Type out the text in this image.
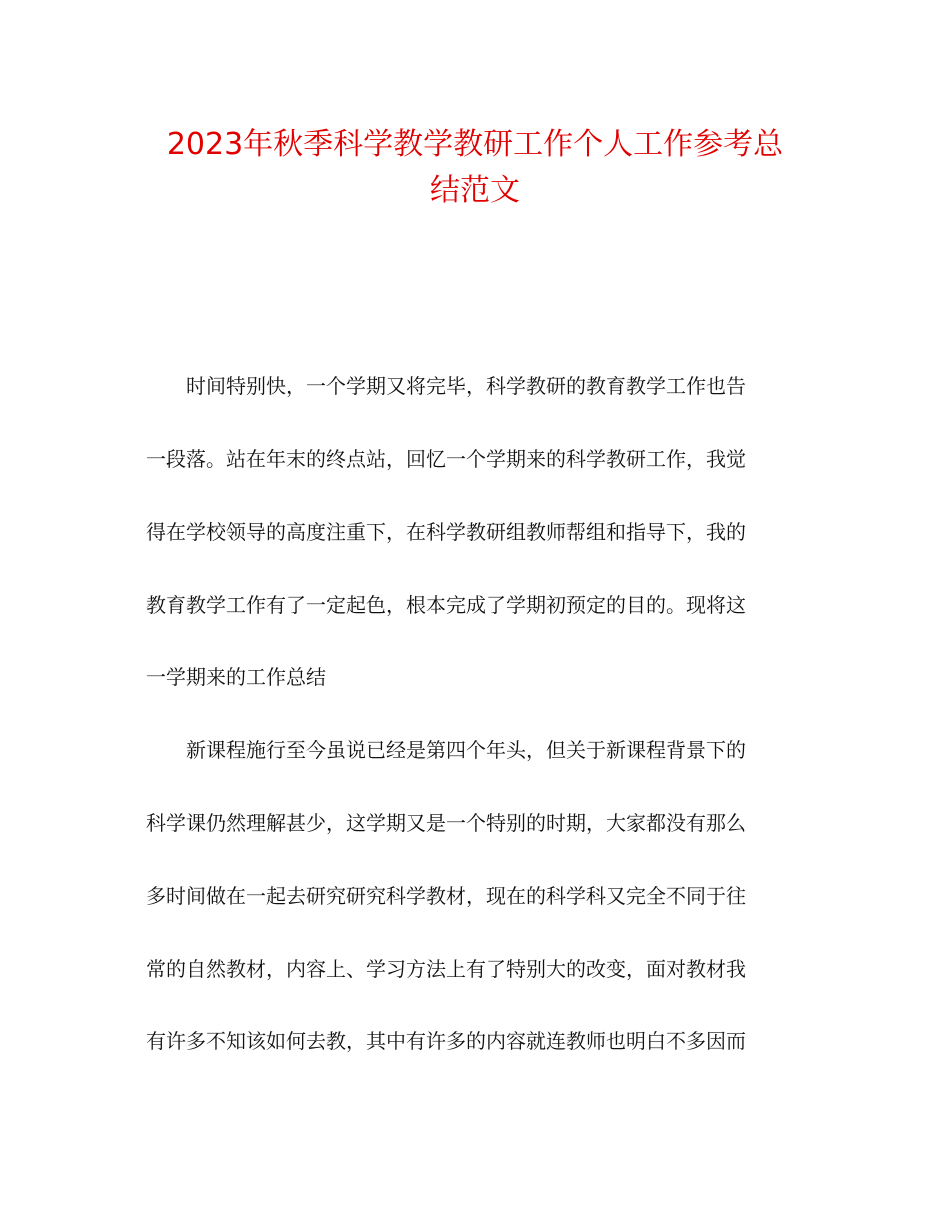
2023年秋季科学教学教研工作个人工作参考总
结范文

时间特别快，一个学期又将完毕，科学教研的教育教学工作也告

一段落。站在年末的终点站，回忆一个学期来的科学教研工作，我觉

得在学校领导的高度注重下，在科学教研组教师帮组和指导下，我的

教育教学工作有了一定起色，根本完成了学期初预定的目的。现将这

一学期来的工作总结

新课程施行至今虽说已经是第四个年头，但关于新课程背景下的

科学课仍然理解甚少，这学期又是一个特别的时期，大家都没有那么

多时间做在一起去研究研究科学教材，现在的科学科又完全不同于往

常的自然教材，内容上、学习方法上有了特别大的改变，面对教材我

有许多不知该如何去教，其中有许多的内容就连教师也明白不多因而
